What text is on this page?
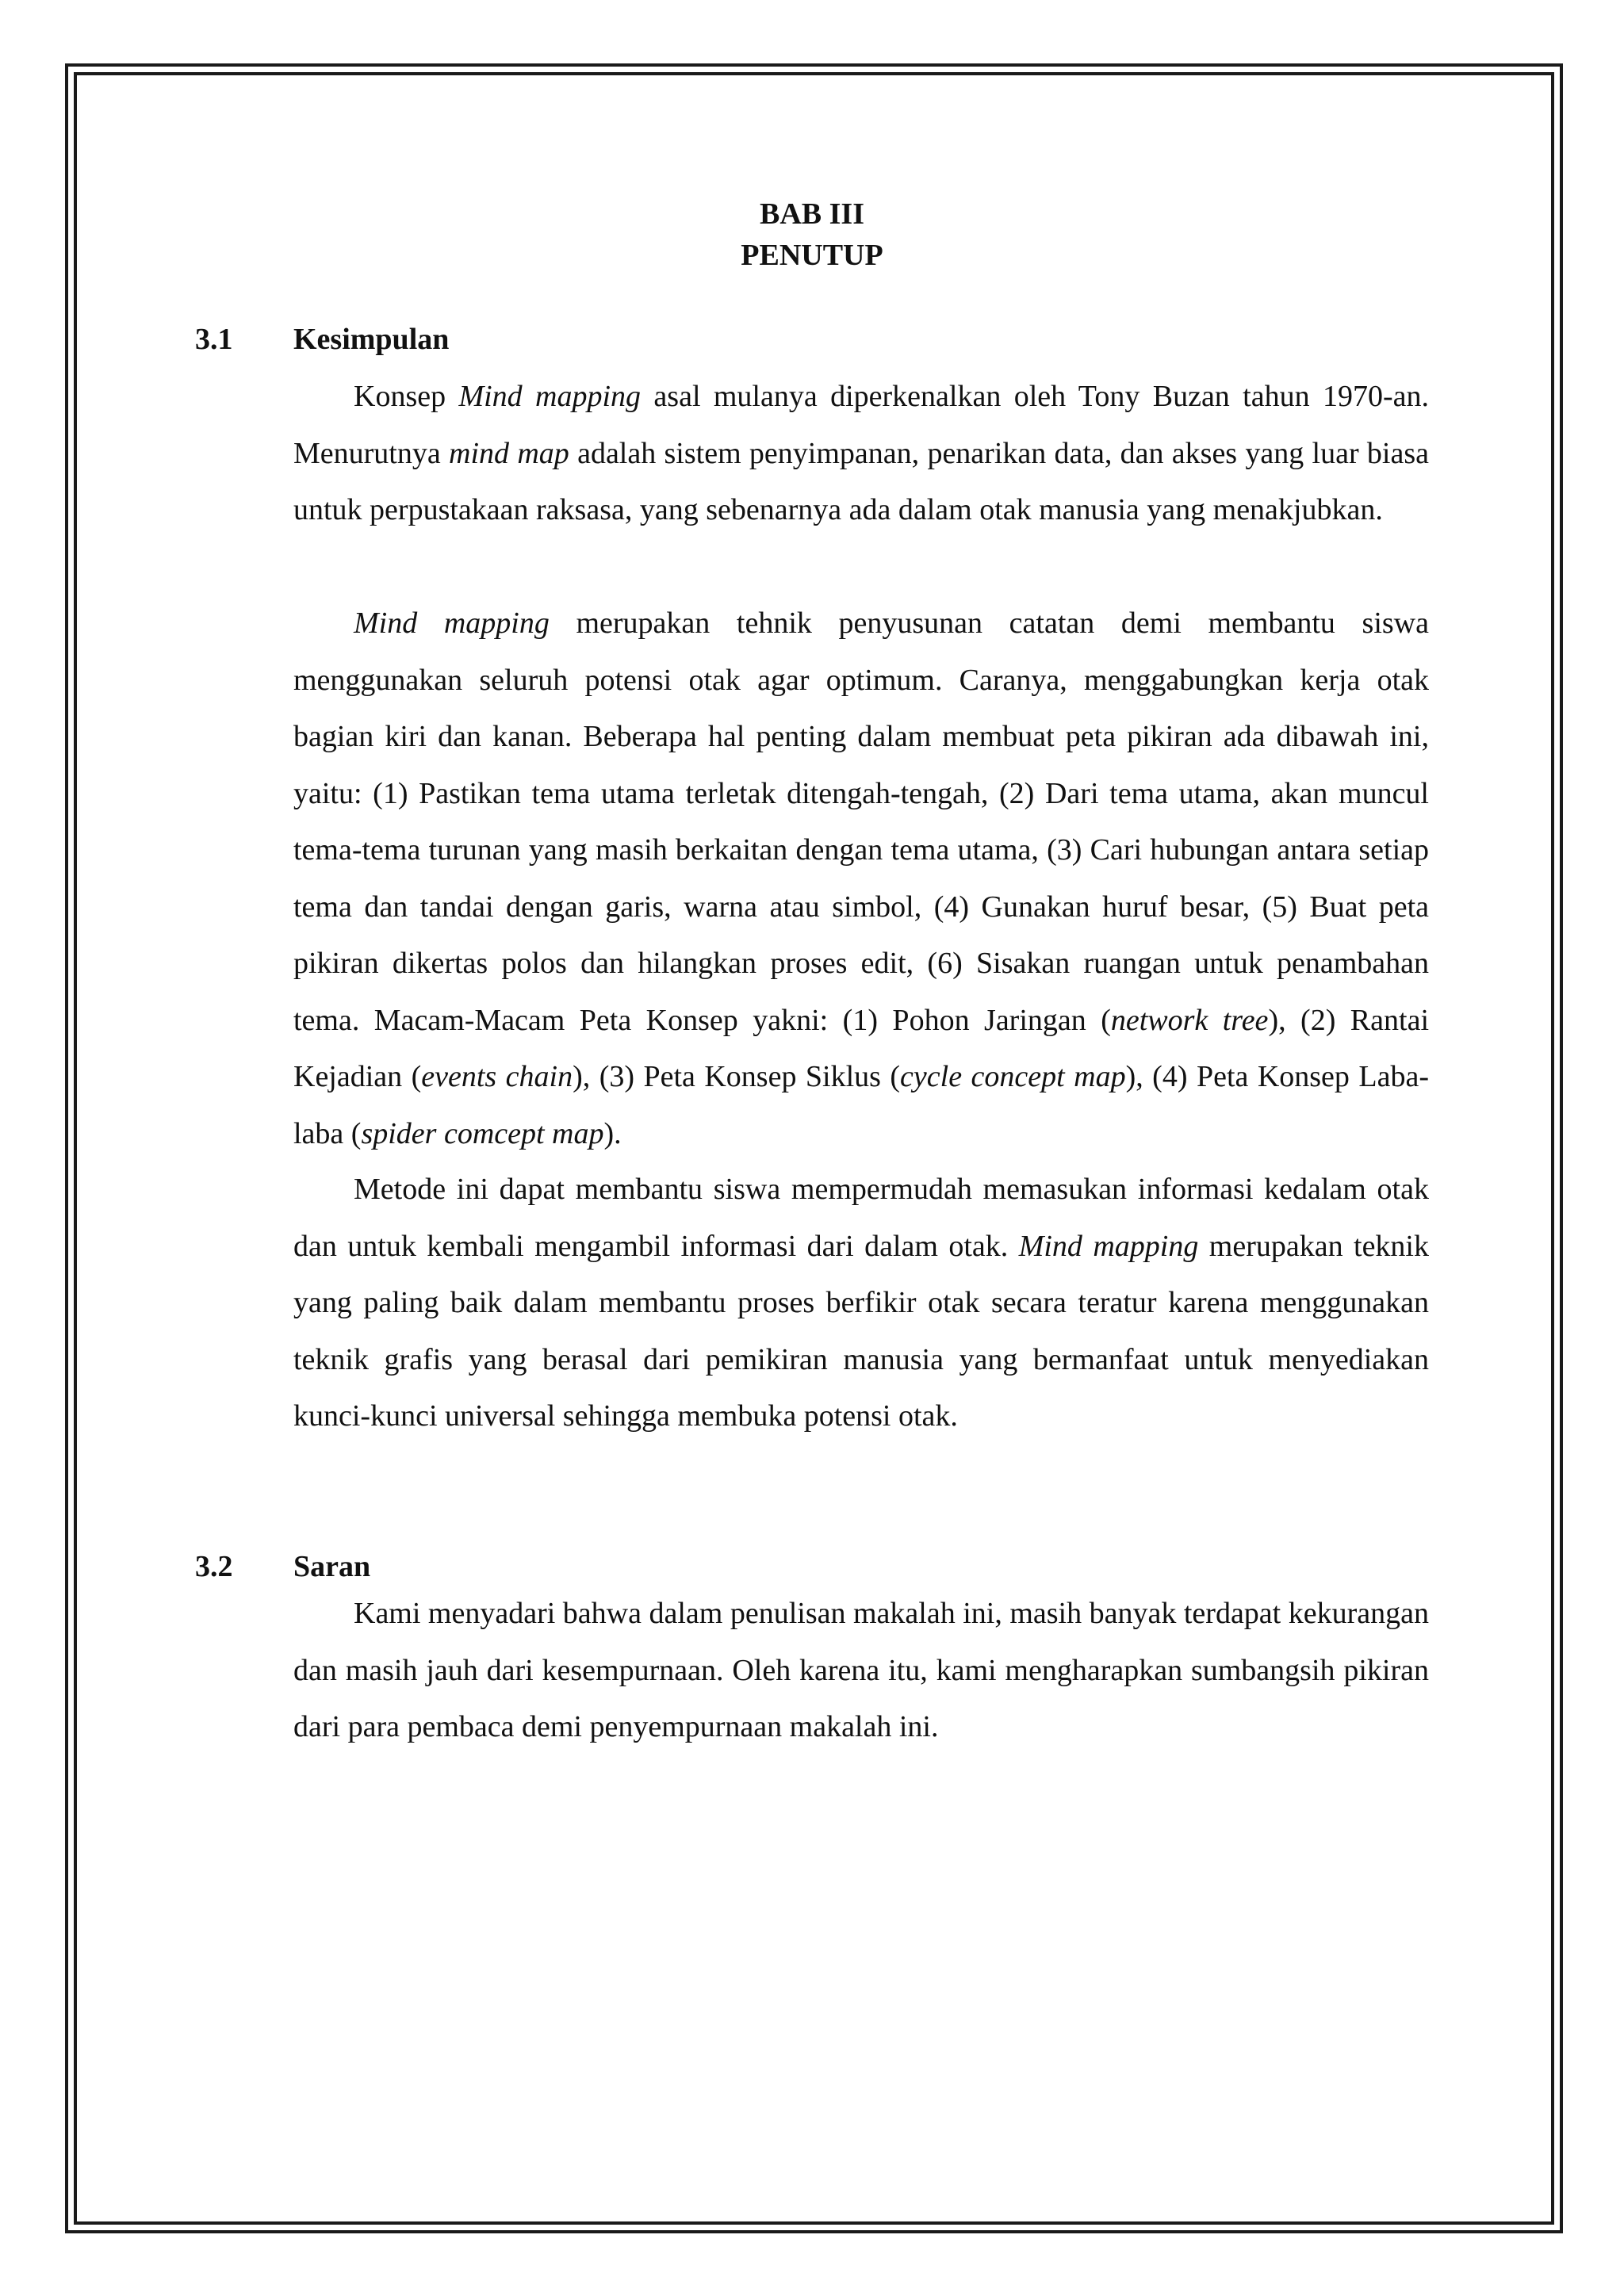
BAB III
PENUTUP
3.1 Kesimpulan

Konsep Mind mapping asal mulanya diperkenalkan oleh Tony Buzan tahun 1970-an. Menurutnya mind map adalah sistem penyimpanan, penarikan data, dan akses yang luar biasa untuk perpustakaan raksasa, yang sebenarnya ada dalam otak manusia yang menakjubkan.

Mind mapping merupakan tehnik penyusunan catatan demi membantu siswa menggunakan seluruh potensi otak agar optimum. Caranya, menggabungkan kerja otak bagian kiri dan kanan. Beberapa hal penting dalam membuat peta pikiran ada dibawah ini, yaitu: (1) Pastikan tema utama terletak ditengah-tengah, (2) Dari tema utama, akan muncul tema-tema turunan yang masih berkaitan dengan tema utama, (3) Cari hubungan antara setiap tema dan tandai dengan garis, warna atau simbol, (4) Gunakan huruf besar, (5) Buat peta pikiran dikertas polos dan hilangkan proses edit, (6) Sisakan ruangan untuk penambahan tema. Macam-Macam Peta Konsep yakni: (1) Pohon Jaringan (network tree), (2) Rantai Kejadian (events chain), (3) Peta Konsep Siklus (cycle concept map), (4) Peta Konsep Laba-laba (spider comcept map).

Metode ini dapat membantu siswa mempermudah memasukan informasi kedalam otak dan untuk kembali mengambil informasi dari dalam otak. Mind mapping merupakan teknik yang paling baik dalam membantu proses berfikir otak secara teratur karena menggunakan teknik grafis yang berasal dari pemikiran manusia yang bermanfaat untuk menyediakan kunci-kunci universal sehingga membuka potensi otak.

3.2 Saran

Kami menyadari bahwa dalam penulisan makalah ini, masih banyak terdapat kekurangan dan masih jauh dari kesempurnaan. Oleh karena itu, kami mengharapkan sumbangsih pikiran dari para pembaca demi penyempurnaan makalah ini.
